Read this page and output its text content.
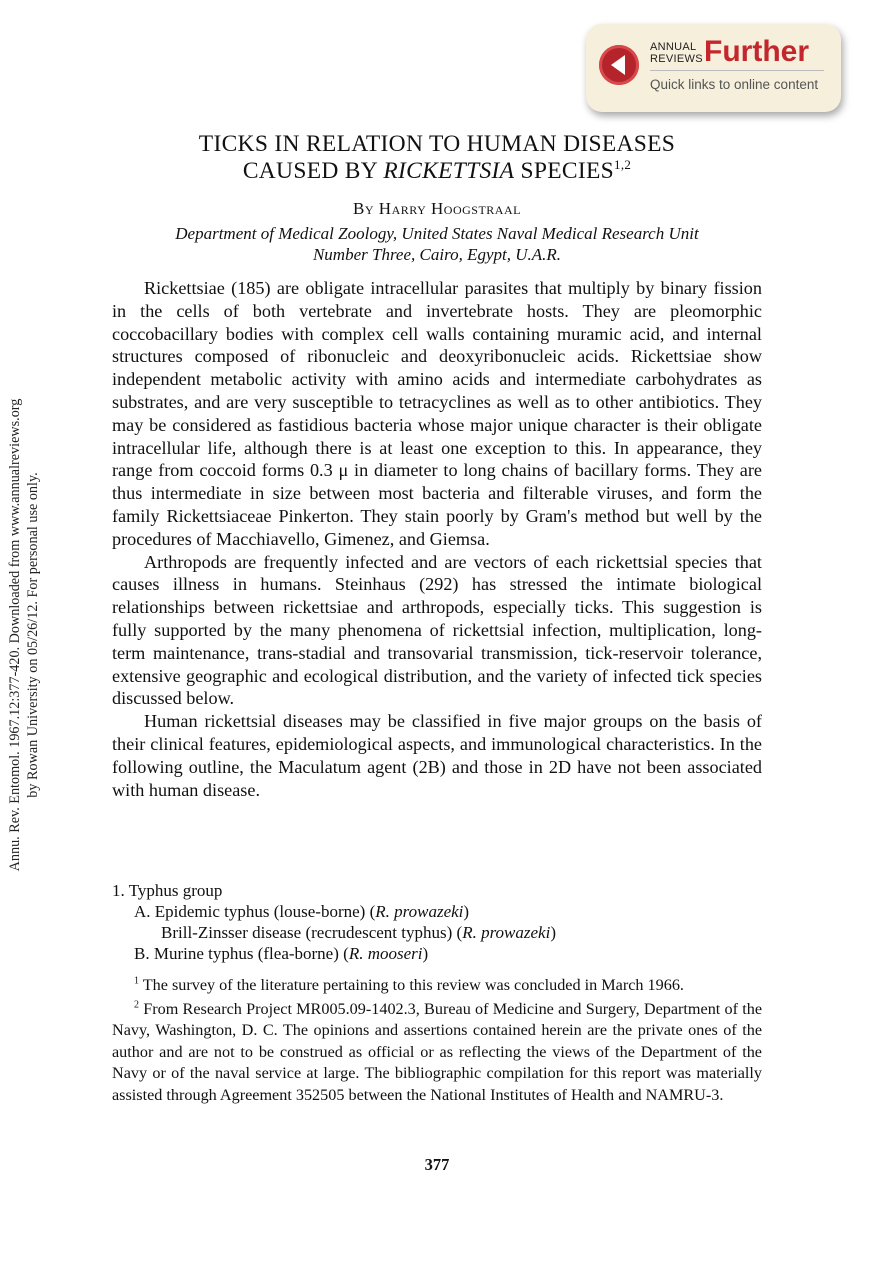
ANNUAL
REVIEWS Further
Quick links to online content
Annu. Rev. Entomol. 1967.12:377-420. Downloaded from www.annualreviews.org by Rowan University on 05/26/12. For personal use only.
TICKS IN RELATION TO HUMAN DISEASES
CAUSED BY RICKETTSIA SPECIES$^{1,2}$
By Harry Hoogstraal
Department of Medical Zoology, United States Naval Medical Research Unit
Number Three, Cairo, Egypt, U.A.R.

Rickettsiae (185) are obligate intracellular parasites that multiply by binary fission in the cells of both vertebrate and invertebrate hosts. They are pleomorphic coccobacillary bodies with complex cell walls containing muramic acid, and internal structures composed of ribonucleic and deoxyribonucleic acids. Rickettsiae show independent metabolic activity with amino acids and intermediate carbohydrates as substrates, and are very susceptible to tetracyclines as well as to other antibiotics. They may be considered as fastidious bacteria whose major unique character is their obligate intracellular life, although there is at least one exception to this. In appearance, they range from coccoid forms 0.3 μ in diameter to long chains of bacillary forms. They are thus intermediate in size between most bacteria and filterable viruses, and form the family Rickettsiaceae Pinkerton. They stain poorly by Gram's method but well by the procedures of Macchiavello, Gimenez, and Giemsa.

Arthropods are frequently infected and are vectors of each rickettsial species that causes illness in humans. Steinhaus (292) has stressed the intimate biological relationships between rickettsiae and arthropods, especially ticks. This suggestion is fully supported by the many phenomena of rickettsial infection, multiplication, long-term maintenance, trans-stadial and transovarial transmission, tick-reservoir tolerance, extensive geographic and ecological distribution, and the variety of infected tick species discussed below.

Human rickettsial diseases may be classified in five major groups on the basis of their clinical features, epidemiological aspects, and immunological characteristics. In the following outline, the Maculatum agent (2B) and those in 2D have not been associated with human disease.

1. Typhus group
A. Epidemic typhus (louse-borne) (R. prowazeki)
Brill-Zinsser disease (recrudescent typhus) (R. prowazeki)
B. Murine typhus (flea-borne) (R. mooseri)

$^1$ The survey of the literature pertaining to this review was concluded in March 1966.

$^2$ From Research Project MR005.09-1402.3, Bureau of Medicine and Surgery, Department of the Navy, Washington, D. C. The opinions and assertions contained herein are the private ones of the author and are not to be construed as official or as reflecting the views of the Department of the Navy or of the naval service at large. The bibliographic compilation for this report was materially assisted through Agreement 352505 between the National Institutes of Health and NAMRU-3.

377
